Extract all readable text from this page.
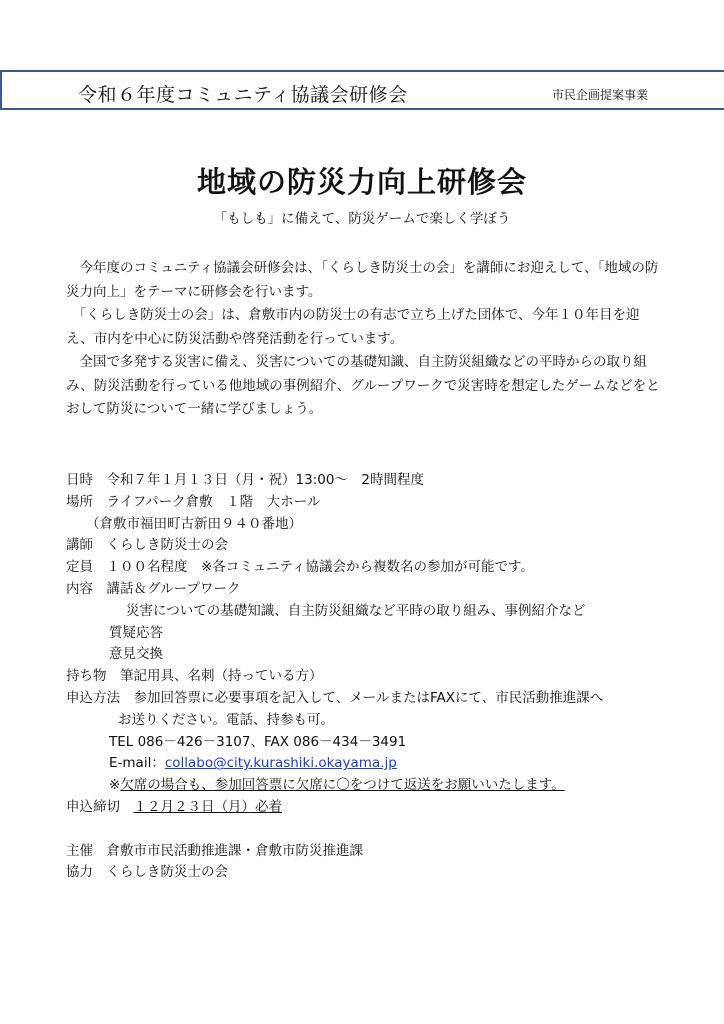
令和６年度コミュニティ協議会研修会	市民企画提案事業
地域の防災力向上研修会
「もしも」に備えて、防災ゲームで楽しく学ぼう

　今年度のコミュニティ協議会研修会は、「くらしき防災士の会」を講師にお迎えして、「地域の防災力向上」をテーマに研修会を行います。

　「くらしき防災士の会」は、倉敷市内の防災士の有志で立ち上げた団体で、今年１０年目を迎え、市内を中心に防災活動や啓発活動を行っています。

　全国で多発する災害に備え、災害についての基礎知識、自主防災組織などの平時からの取り組み、防災活動を行っている他地域の事例紹介、グループワークで災害時を想定したゲームなどをとおして防災について一緒に学びましょう。

日時　 令和７年１月１３日（月・祝）13:00～　2時間程度
場所　 ライフパーク倉敷　１階　大ホール
（倉敷市福田町古新田９４０番地）
講師　 くらしき防災士の会
定員　 １００名程度　※各コミュニティ協議会から複数名の参加が可能です。
内容　 講話＆グループワーク
災害についての基礎知識、自主防災組織など平時の取り組み、事例紹介など
質疑応答
意見交換
持ち物　 筆記用具、名刺（持っている方）
申込方法　 参加回答票に必要事項を記入して、メールまたはFAXにて、市民活動推進課へ
お送りください。電話、持参も可。
TEL 086－426－3107、FAX 086－434－3491
E-mail：collabo@city.kurashiki.okayama.jp
※欠席の場合も、参加回答票に欠席に〇をつけて返送をお願いいたします。
申込締切　 １２月２３日（月）必着
主催　 倉敷市市民活動推進課・倉敷市防災推進課
協力　 くらしき防災士の会
